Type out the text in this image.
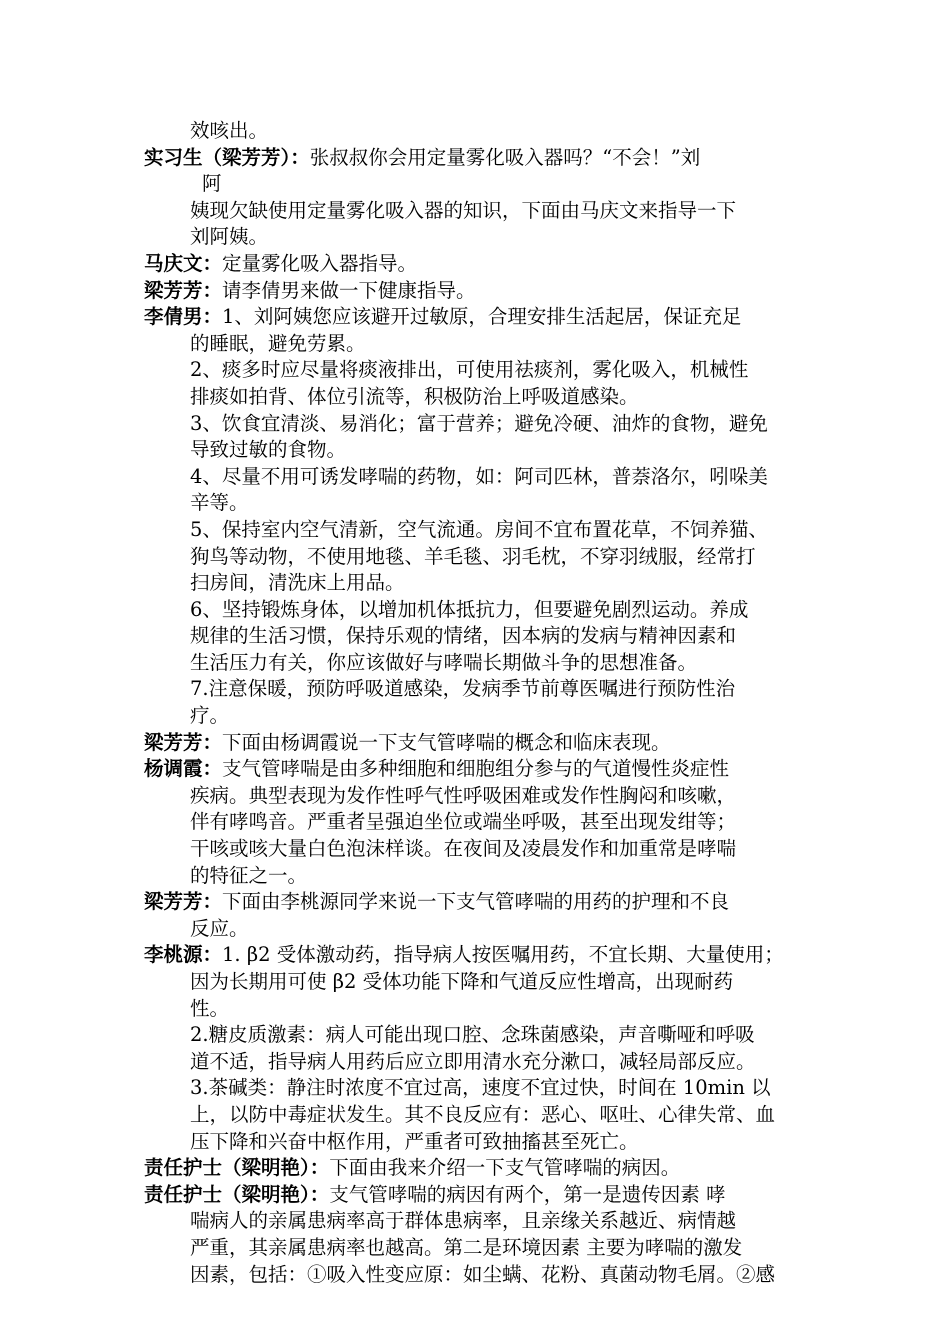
效咳出。
实习生（梁芳芳）：张叔叔你会用定量雾化吸入器吗？“不会！”刘
阿
姨现欠缺使用定量雾化吸入器的知识，下面由马庆文来指导一下
刘阿姨。
马庆文：定量雾化吸入器指导。
梁芳芳：请李倩男来做一下健康指导。
李倩男：1、刘阿姨您应该避开过敏原，合理安排生活起居，保证充足
的睡眠，避免劳累。
2、痰多时应尽量将痰液排出，可使用祛痰剂，雾化吸入，机械性
排痰如拍背、体位引流等，积极防治上呼吸道感染。
3、饮食宜清淡、易消化；富于营养；避免冷硬、油炸的食物，避免
导致过敏的食物。
4、尽量不用可诱发哮喘的药物，如：阿司匹林，普萘洛尔，吲哚美
辛等。
5、保持室内空气清新，空气流通。房间不宜布置花草，不饲养猫、
狗鸟等动物，不使用地毯、羊毛毯、羽毛枕，不穿羽绒服，经常打
扫房间，清洗床上用品。
6、坚持锻炼身体，以增加机体抵抗力，但要避免剧烈运动。养成
规律的生活习惯，保持乐观的情绪，因本病的发病与精神因素和
生活压力有关，你应该做好与哮喘长期做斗争的思想准备。
7.注意保暖，预防呼吸道感染，发病季节前尊医嘱进行预防性治
疗。
梁芳芳：下面由杨调霞说一下支气管哮喘的概念和临床表现。
杨调霞：支气管哮喘是由多种细胞和细胞组分参与的气道慢性炎症性
疾病。典型表现为发作性呼气性呼吸困难或发作性胸闷和咳嗽，
伴有哮鸣音。严重者呈强迫坐位或端坐呼吸，甚至出现发绀等；
干咳或咳大量白色泡沫样谈。在夜间及凌晨发作和加重常是哮喘
的特征之一。
梁芳芳：下面由李桃源同学来说一下支气管哮喘的用药的护理和不良
反应。
李桃源：1. β2 受体激动药，指导病人按医嘱用药，不宜长期、大量使用；
因为长期用可使 β2 受体功能下降和气道反应性增高，出现耐药
性。
2.糖皮质激素：病人可能出现口腔、念珠菌感染，声音嘶哑和呼吸
道不适，指导病人用药后应立即用清水充分漱口，减轻局部反应。
3.茶碱类：静注时浓度不宜过高，速度不宜过快，时间在 10min 以
上，以防中毒症状发生。其不良反应有：恶心、呕吐、心律失常、血
压下降和兴奋中枢作用，严重者可致抽搐甚至死亡。
责任护士（梁明艳）：下面由我来介绍一下支气管哮喘的病因。
责任护士（梁明艳）：支气管哮喘的病因有两个，第一是遗传因素 哮
喘病人的亲属患病率高于群体患病率，且亲缘关系越近、病情越
严重，其亲属患病率也越高。第二是环境因素 主要为哮喘的激发
因素，包括：①吸入性变应原：如尘螨、花粉、真菌动物毛屑。②感
